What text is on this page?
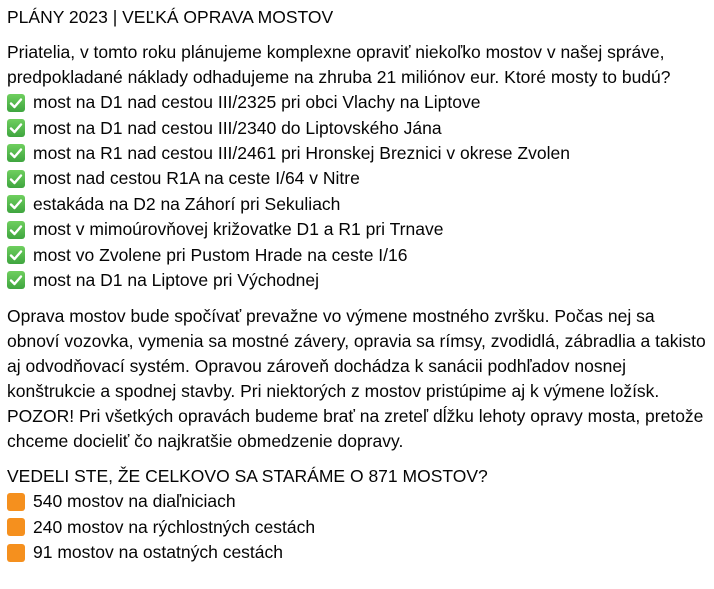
PLÁNY 2023 | VEĽKÁ OPRAVA MOSTOV

Priatelia, v tomto roku plánujeme komplexne opraviť niekoľko mostov v našej správe, predpokladané náklady odhadujeme na zhruba 21 miliónov eur. Ktoré mosty to budú?

most na D1 nad cestou III/2325 pri obci Vlachy na Liptove
most na D1 nad cestou III/2340 do Liptovského Jána
most na R1 nad cestou III/2461 pri Hronskej Breznici v okrese Zvolen
most nad cestou R1A na ceste I/64 v Nitre
estakáda na D2 na Záhorí pri Sekuliach
most v mimoúrovňovej križovatke D1 a R1 pri Trnave
most vo Zvolene pri Pustom Hrade na ceste I/16
most na D1 na Liptove pri Východnej

Oprava mostov bude spočívať prevažne vo výmene mostného zvršku. Počas nej sa obnoví vozovka, vymenia sa mostné závery, opravia sa rímsy, zvodidlá, zábradlia a takisto aj odvodňovací systém. Opravou zároveň dochádza k sanácii podhľadov nosnej konštrukcie a spodnej stavby. Pri niektorých z mostov pristúpime aj k výmene ložísk. POZOR! Pri všetkých opravách budeme brať na zreteľ dĺžku lehoty opravy mosta, pretože chceme docieliť čo najkratšie obmedzenie dopravy.

VEDELI STE, ŽE CELKOVO SA STARÁME O 871 MOSTOV?

540 mostov na diaľniciach
240 mostov na rýchlostných cestách
91 mostov na ostatných cestách
